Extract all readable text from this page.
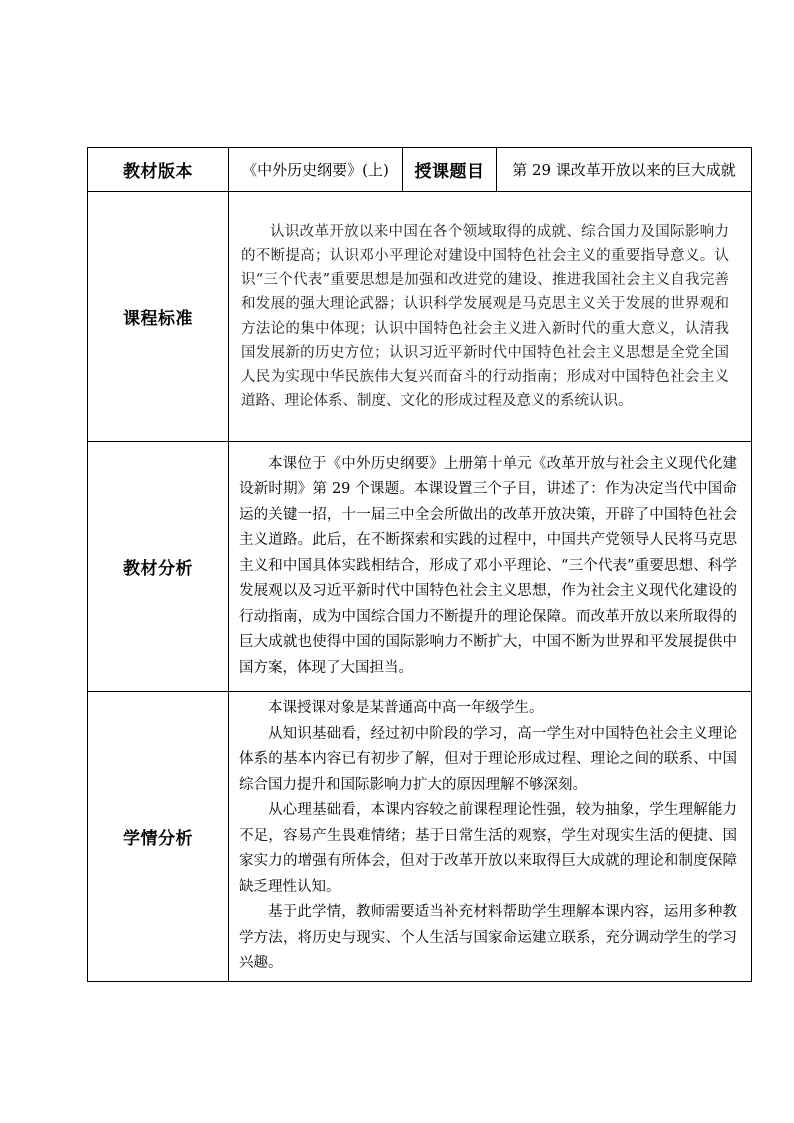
教材版本	《中外历史纲要》(上)	授课题目	第 29 课改革开放以来的巨大成就
课程标准	认识改革开放以来中国在各个领域取得的成就、综合国力及国际影响力的不断提高；认识邓小平理论对建设中国特色社会主义的重要指导意义。认识“三个代表”重要思想是加强和改进党的建设、推进我国社会主义自我完善和发展的强大理论武器；认识科学发展观是马克思主义关于发展的世界观和方法论的集中体现；认识中国特色社会主义进入新时代的重大意义，认清我国发展新的历史方位；认识习近平新时代中国特色社会主义思想是全党全国人民为实现中华民族伟大复兴而奋斗的行动指南；形成对中国特色社会主义道路、理论体系、制度、文化的形成过程及意义的系统认识。		

教材分析	本课位于《中外历史纲要》上册第十单元《改革开放与社会主义现代化建设新时期》第 29 个课题。本课设置三个子目，讲述了：作为决定当代中国命运的关键一招，十一届三中全会所做出的改革开放决策，开辟了中国特色社会主义道路。此后，在不断探索和实践的过程中，中国共产党领导人民将马克思主义和中国具体实践相结合，形成了邓小平理论、“三个代表”重要思想、科学发展观以及习近平新时代中国特色社会主义思想，作为社会主义现代化建设的行动指南，成为中国综合国力不断提升的理论保障。而改革开放以来所取得的巨大成就也使得中国的国际影响力不断扩大，中国不断为世界和平发展提供中国方案，体现了大国担当。		

学情分析	本课授课对象是某普通高中高一年级学生。

从知识基础看，经过初中阶段的学习，高一学生对中国特色社会主义理论体系的基本内容已有初步了解，但对于理论形成过程、理论之间的联系、中国综合国力提升和国际影响力扩大的原因理解不够深刻。

从心理基础看，本课内容较之前课程理论性强，较为抽象，学生理解能力不足，容易产生畏难情绪；基于日常生活的观察，学生对现实生活的便捷、国家实力的增强有所体会，但对于改革开放以来取得巨大成就的理论和制度保障缺乏理性认知。

基于此学情，教师需要适当补充材料帮助学生理解本课内容，运用多种教学方法，将历史与现实、个人生活与国家命运建立联系，充分调动学生的学习兴趣。		
